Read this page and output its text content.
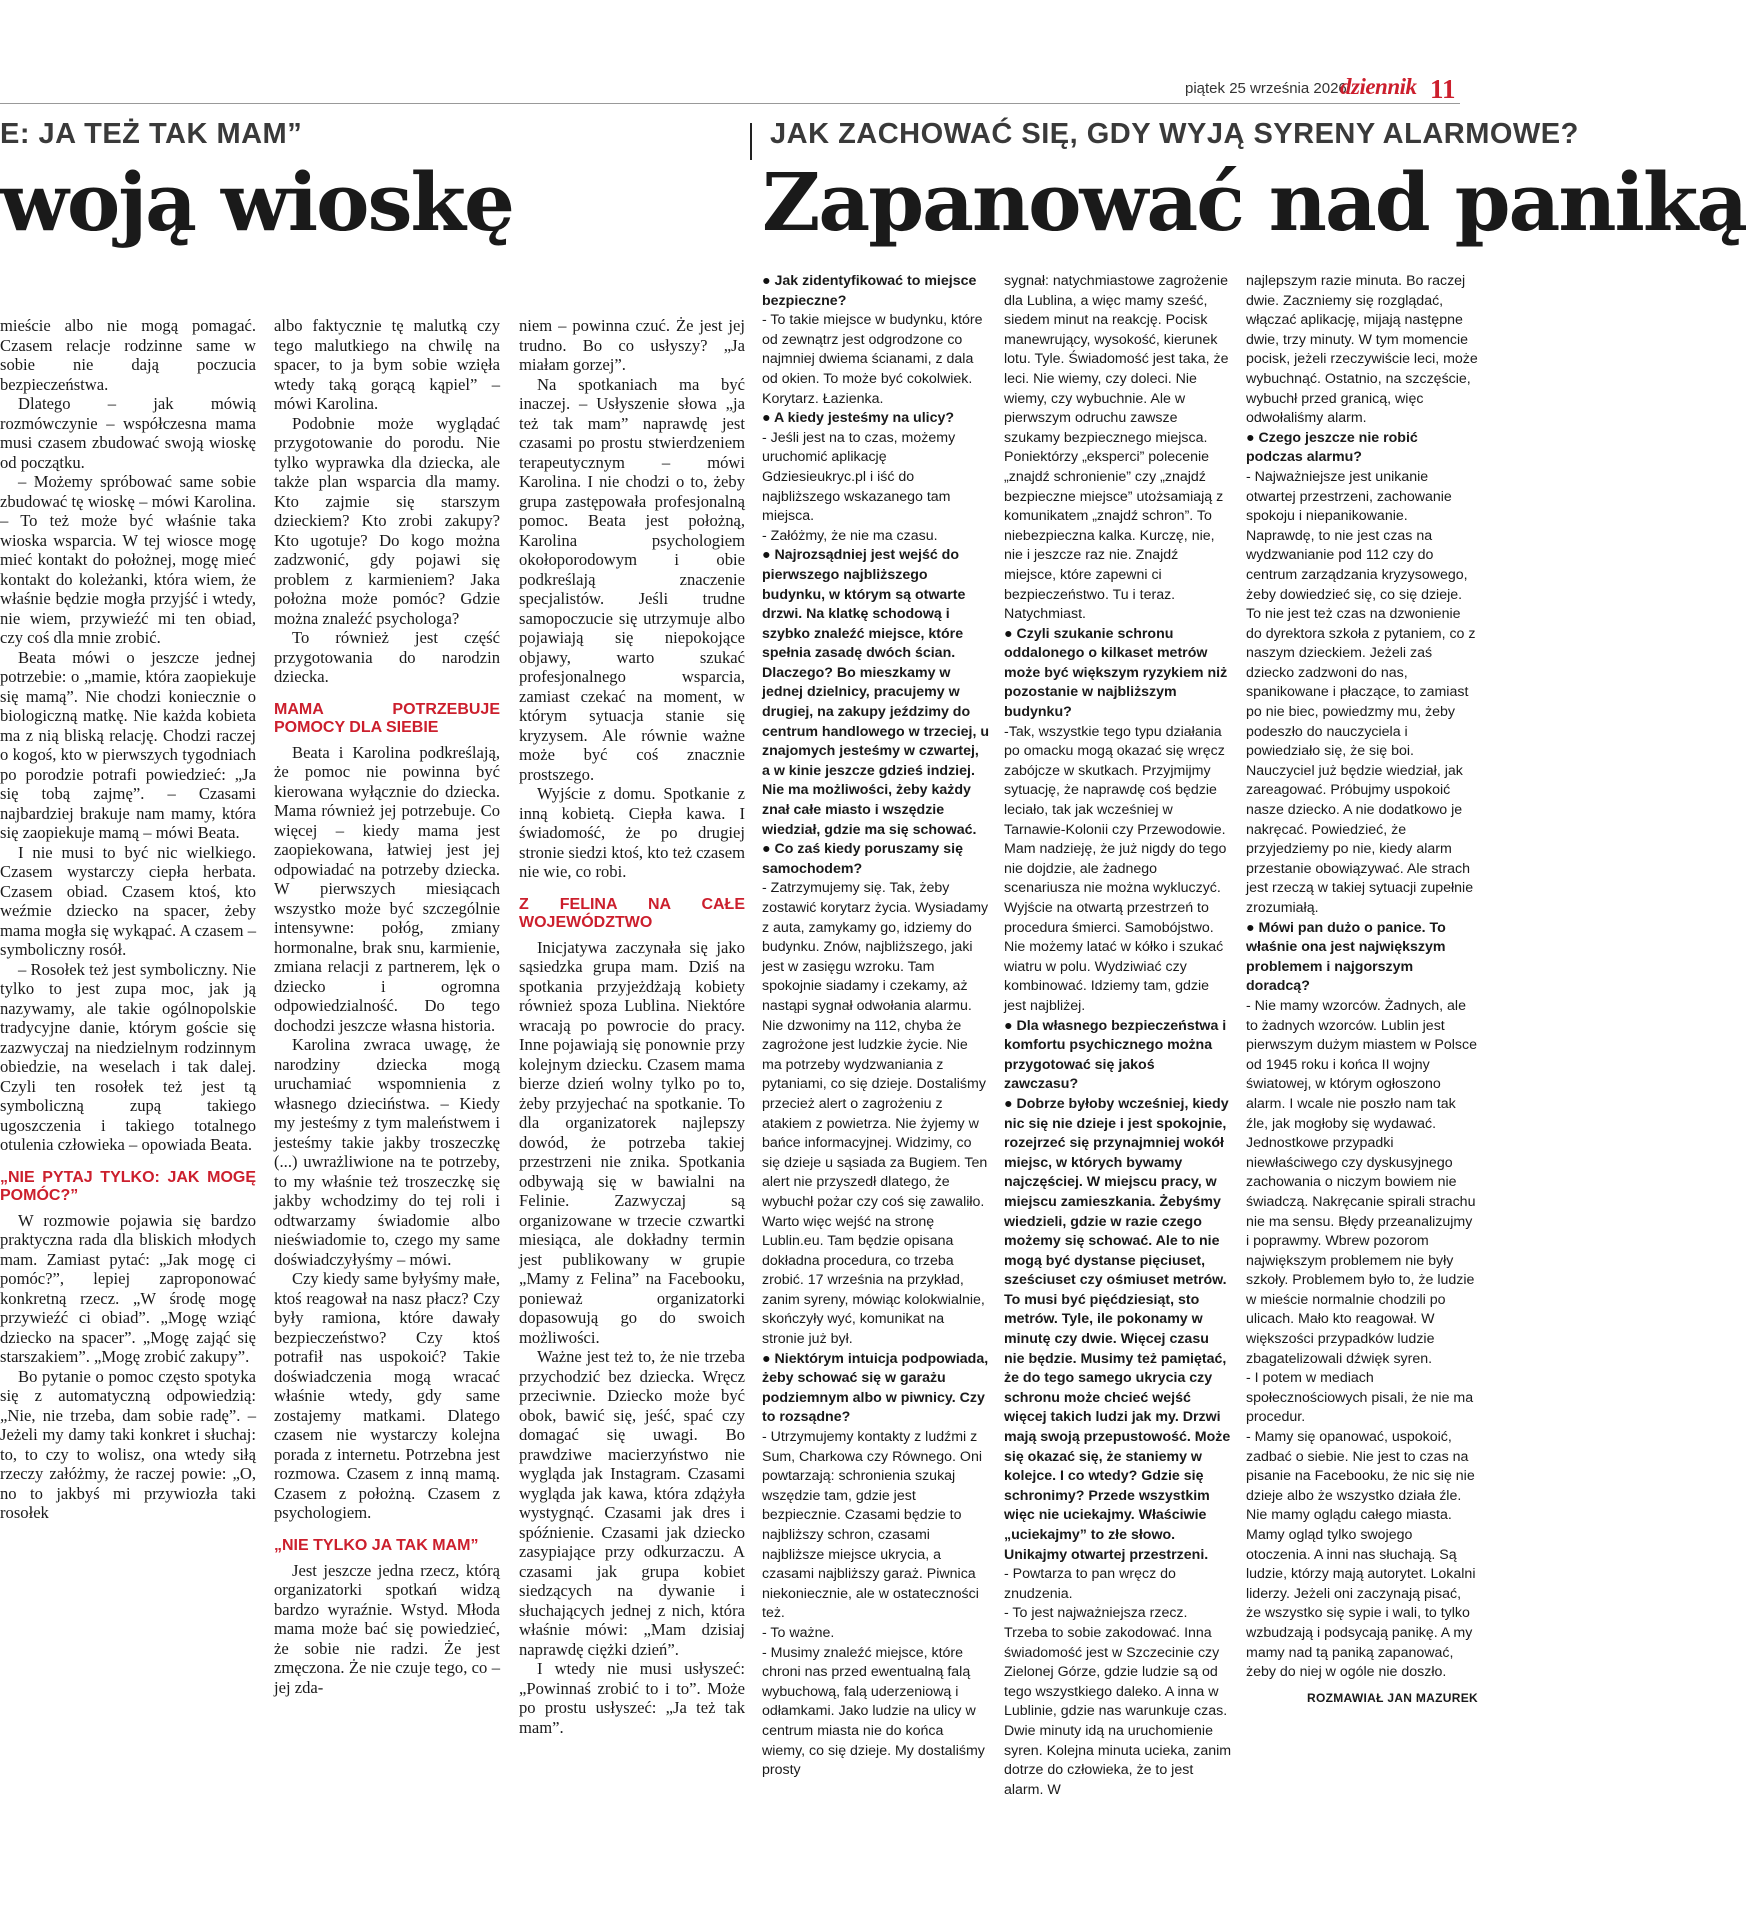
piątek 25 września 2026
dziennik 11
E: JA TEŻ TAK MAM”	JAK ZACHOWAĆ SIĘ, GDY WYJĄ SYRENY ALARMOWE?
woją wioskę	Zapanować nad paniką

mieście albo nie mogą pomagać. Czasem relacje rodzinne same w sobie nie dają poczucia bezpieczeństwa.

Dlatego – jak mówią rozmówczynie – współczesna mama musi czasem zbudować swoją wioskę od początku.

– Możemy spróbować same sobie zbudować tę wioskę – mówi Karolina. – To też może być właśnie taka wioska wsparcia. W tej wiosce mogę mieć kontakt do położnej, mogę mieć kontakt do koleżanki, która wiem, że właśnie będzie mogła przyjść i wtedy, nie wiem, przywieźć mi ten obiad, czy coś dla mnie zrobić.

Beata mówi o jeszcze jednej potrzebie: o „mamie, która zaopiekuje się mamą”. Nie chodzi koniecznie o biologiczną matkę. Nie każda kobieta ma z nią bliską relację. Chodzi raczej o kogoś, kto w pierwszych tygodniach po porodzie potrafi powiedzieć: „Ja się tobą zajmę”. – Czasami najbardziej brakuje nam mamy, która się zaopiekuje mamą – mówi Beata.

I nie musi to być nic wielkiego. Czasem wystarczy ciepła herbata. Czasem obiad. Czasem ktoś, kto weźmie dziecko na spacer, żeby mama mogła się wykąpać. A czasem – symboliczny rosół.

– Rosołek też jest symboliczny. Nie tylko to jest zupa moc, jak ją nazywamy, ale takie ogólnopolskie tradycyjne danie, którym goście się zazwyczaj na niedzielnym rodzinnym obiedzie, na weselach i tak dalej. Czyli ten rosołek też jest tą symboliczną zupą takiego ugoszczenia i takiego totalnego otulenia człowieka – opowiada Beata.

„NIE PYTAJ TYLKO: JAK MOGĘ POMÓC?”

W rozmowie pojawia się bardzo praktyczna rada dla bliskich młodych mam. Zamiast pytać: „Jak mogę ci pomóc?”, lepiej zaproponować konkretną rzecz. „W środę mogę przywieźć ci obiad”. „Mogę wziąć dziecko na spacer”. „Mogę zająć się starszakiem”. „Mogę zrobić zakupy”.

Bo pytanie o pomoc często spotyka się z automatyczną odpowiedzią: „Nie, nie trzeba, dam sobie radę”. – Jeżeli my damy taki konkret i słuchaj: to, to czy to wolisz, ona wtedy siłą rzeczy załóżmy, że raczej powie: „O, no to jakbyś mi przywiozła taki rosołek

albo faktycznie tę malutką czy tego malutkiego na chwilę na spacer, to ja bym sobie wzięła wtedy taką gorącą kąpiel” – mówi Karolina.

Podobnie może wyglądać przygotowanie do porodu. Nie tylko wyprawka dla dziecka, ale także plan wsparcia dla mamy. Kto zajmie się starszym dzieckiem? Kto zrobi zakupy? Kto ugotuje? Do kogo można zadzwonić, gdy pojawi się problem z karmieniem? Jaka położna może pomóc? Gdzie można znaleźć psychologa?

To również jest część przygotowania do narodzin dziecka.

MAMA POTRZEBUJE POMOCY DLA SIEBIE

Beata i Karolina podkreślają, że pomoc nie powinna być kierowana wyłącznie do dziecka. Mama również jej potrzebuje. Co więcej – kiedy mama jest zaopiekowana, łatwiej jest jej odpowiadać na potrzeby dziecka. W pierwszych miesiącach wszystko może być szczególnie intensywne: połóg, zmiany hormonalne, brak snu, karmienie, zmiana relacji z partnerem, lęk o dziecko i ogromna odpowiedzialność. Do tego dochodzi jeszcze własna historia.

Karolina zwraca uwagę, że narodziny dziecka mogą uruchamiać wspomnienia z własnego dzieciństwa. – Kiedy my jesteśmy z tym maleństwem i jesteśmy takie jakby troszeczkę (...) uwrażliwione na te potrzeby, to my właśnie też troszeczkę się jakby wchodzimy do tej roli i odtwarzamy świadomie albo nieświadomie to, czego my same doświadczyłyśmy – mówi.

Czy kiedy same byłyśmy małe, ktoś reagował na nasz płacz? Czy były ramiona, które dawały bezpieczeństwo? Czy ktoś potrafił nas uspokoić? Takie doświadczenia mogą wracać właśnie wtedy, gdy same zostajemy matkami. Dlatego czasem nie wystarczy kolejna porada z internetu. Potrzebna jest rozmowa. Czasem z inną mamą. Czasem z położną. Czasem z psychologiem.

„NIE TYLKO JA TAK MAM”

Jest jeszcze jedna rzecz, którą organizatorki spotkań widzą bardzo wyraźnie. Wstyd. Młoda mama może bać się powiedzieć, że sobie nie radzi. Że jest zmęczona. Że nie czuje tego, co – jej zda-

niem – powinna czuć. Że jest jej trudno. Bo co usłyszy? „Ja miałam gorzej”.

Na spotkaniach ma być inaczej. – Usłyszenie słowa „ja też tak mam” naprawdę jest czasami po prostu stwierdzeniem terapeutycznym – mówi Karolina. I nie chodzi o to, żeby grupa zastępowała profesjonalną pomoc. Beata jest położną, Karolina psychologiem okołoporodowym i obie podkreślają znaczenie specjalistów. Jeśli trudne samopoczucie się utrzymuje albo pojawiają się niepokojące objawy, warto szukać profesjonalnego wsparcia, zamiast czekać na moment, w którym sytuacja stanie się kryzysem. Ale równie ważne może być coś znacznie prostszego.

Wyjście z domu. Spotkanie z inną kobietą. Ciepła kawa. I świadomość, że po drugiej stronie siedzi ktoś, kto też czasem nie wie, co robi.

Z FELINA NA CAŁE WOJEWÓDZTWO

Inicjatywa zaczynała się jako sąsiedzka grupa mam. Dziś na spotkania przyjeżdżają kobiety również spoza Lublina. Niektóre wracają po powrocie do pracy. Inne pojawiają się ponownie przy kolejnym dziecku. Czasem mama bierze dzień wolny tylko po to, żeby przyjechać na spotkanie. To dla organizatorek najlepszy dowód, że potrzeba takiej przestrzeni nie znika. Spotkania odbywają się w bawialni na Felinie. Zazwyczaj są organizowane w trzecie czwartki miesiąca, ale dokładny termin jest publikowany w grupie „Mamy z Felina” na Facebooku, ponieważ organizatorki dopasowują go do swoich możliwości.

Ważne jest też to, że nie trzeba przychodzić bez dziecka. Wręcz przeciwnie. Dziecko może być obok, bawić się, jeść, spać czy domagać się uwagi. Bo prawdziwe macierzyństwo nie wygląda jak Instagram. Czasami wygląda jak kawa, która zdążyła wystygnąć. Czasami jak dres i spóźnienie. Czasami jak dziecko zasypiające przy odkurzaczu. A czasami jak grupa kobiet siedzących na dywanie i słuchających jednej z nich, która właśnie mówi: „Mam dzisiaj naprawdę ciężki dzień”.

I wtedy nie musi usłyszeć: „Powinnaś zrobić to i to”. Może po prostu usłyszeć: „Ja też tak mam”.

● Jak zidentyfikować to miejsce bezpieczne?

- To takie miejsce w budynku, które od zewnątrz jest odgrodzone co najmniej dwiema ścianami, z dala od okien. To może być cokolwiek. Korytarz. Łazienka.

● A kiedy jesteśmy na ulicy?

- Jeśli jest na to czas, możemy uruchomić aplikację Gdziesieukryc.pl i iść do najbliższego wskazanego tam miejsca.

- Załóżmy, że nie ma czasu.

● Najrozsądniej jest wejść do pierwszego najbliższego budynku, w którym są otwarte drzwi. Na klatkę schodową i szybko znaleźć miejsce, które spełnia zasadę dwóch ścian. Dlaczego? Bo mieszkamy w jednej dzielnicy, pracujemy w drugiej, na zakupy jeździmy do centrum handlowego w trzeciej, u znajomych jesteśmy w czwartej, a w kinie jeszcze gdzieś indziej. Nie ma możliwości, żeby każdy znał całe miasto i wszędzie wiedział, gdzie ma się schować.

● Co zaś kiedy poruszamy się samochodem?

- Zatrzymujemy się. Tak, żeby zostawić korytarz życia. Wysiadamy z auta, zamykamy go, idziemy do budynku. Znów, najbliższego, jaki jest w zasięgu wzroku. Tam spokojnie siadamy i czekamy, aż nastąpi sygnał odwołania alarmu. Nie dzwonimy na 112, chyba że zagrożone jest ludzkie życie. Nie ma potrzeby wydzwaniania z pytaniami, co się dzieje. Dostaliśmy przecież alert o zagrożeniu z atakiem z powietrza. Nie żyjemy w bańce informacyjnej. Widzimy, co się dzieje u sąsiada za Bugiem. Ten alert nie przyszedł dlatego, że wybuchł pożar czy coś się zawaliło. Warto więc wejść na stronę Lublin.eu. Tam będzie opisana dokładna procedura, co trzeba zrobić. 17 września na przykład, zanim syreny, mówiąc kolokwialnie, skończyły wyć, komunikat na stronie już był.

● Niektórym intuicja podpowiada, żeby schować się w garażu podziemnym albo w piwnicy. Czy to rozsądne?

- Utrzymujemy kontakty z ludźmi z Sum, Charkowa czy Równego. Oni powtarzają: schronienia szukaj wszędzie tam, gdzie jest bezpiecznie. Czasami będzie to najbliższy schron, czasami najbliższe miejsce ukrycia, a czasami najbliższy garaż. Piwnica niekoniecznie, ale w ostateczności też.

- To ważne.

- Musimy znaleźć miejsce, które chroni nas przed ewentualną falą wybuchową, falą uderzeniową i odłamkami. Jako ludzie na ulicy w centrum miasta nie do końca wiemy, co się dzieje. My dostaliśmy prosty

sygnał: natychmiastowe zagrożenie dla Lublina, a więc mamy sześć, siedem minut na reakcję. Pocisk manewrujący, wysokość, kierunek lotu. Tyle. Świadomość jest taka, że leci. Nie wiemy, czy doleci. Nie wiemy, czy wybuchnie. Ale w pierwszym odruchu zawsze szukamy bezpiecznego miejsca. Poniektórzy „eksperci” polecenie „znajdź schronienie” czy „znajdź bezpieczne miejsce” utożsamiają z komunikatem „znajdź schron”. To niebezpieczna kalka. Kurczę, nie, nie i jeszcze raz nie. Znajdź miejsce, które zapewni ci bezpieczeństwo. Tu i teraz. Natychmiast.

● Czyli szukanie schronu oddalonego o kilkaset metrów może być większym ryzykiem niż pozostanie w najbliższym budynku?

-Tak, wszystkie tego typu działania po omacku mogą okazać się wręcz zabójcze w skutkach. Przyjmijmy sytuację, że naprawdę coś będzie leciało, tak jak wcześniej w Tarnawie-Kolonii czy Przewodowie. Mam nadzieję, że już nigdy do tego nie dojdzie, ale żadnego scenariusza nie można wykluczyć. Wyjście na otwartą przestrzeń to procedura śmierci. Samobójstwo. Nie możemy latać w kółko i szukać wiatru w polu. Wydziwiać czy kombinować. Idziemy tam, gdzie jest najbliżej.

● Dla własnego bezpieczeństwa i komfortu psychicznego można przygotować się jakoś zawczasu?

● Dobrze byłoby wcześniej, kiedy nic się nie dzieje i jest spokojnie, rozejrzeć się przynajmniej wokół miejsc, w których bywamy najczęściej. W miejscu pracy, w miejscu zamieszkania. Żebyśmy wiedzieli, gdzie w razie czego możemy się schować. Ale to nie mogą być dystanse pięciuset, sześciuset czy ośmiuset metrów. To musi być pięćdziesiąt, sto metrów. Tyle, ile pokonamy w minutę czy dwie. Więcej czasu nie będzie. Musimy też pamiętać, że do tego samego ukrycia czy schronu może chcieć wejść więcej takich ludzi jak my. Drzwi mają swoją przepustowość. Może się okazać się, że staniemy w kolejce. I co wtedy? Gdzie się schronimy? Przede wszystkim więc nie uciekajmy. Właściwie „uciekajmy” to złe słowo. Unikajmy otwartej przestrzeni.

- Powtarza to pan wręcz do znudzenia.

- To jest najważniejsza rzecz. Trzeba to sobie zakodować. Inna świadomość jest w Szczecinie czy Zielonej Górze, gdzie ludzie są od tego wszystkiego daleko. A inna w Lublinie, gdzie nas warunkuje czas. Dwie minuty idą na uruchomienie syren. Kolejna minuta ucieka, zanim dotrze do człowieka, że to jest alarm. W

najlepszym razie minuta. Bo raczej dwie. Zaczniemy się rozglądać, włączać aplikację, mijają następne dwie, trzy minuty. W tym momencie pocisk, jeżeli rzeczywiście leci, może wybuchnąć. Ostatnio, na szczęście, wybuchł przed granicą, więc odwołaliśmy alarm.

● Czego jeszcze nie robić podczas alarmu?

- Najważniejsze jest unikanie otwartej przestrzeni, zachowanie spokoju i niepanikowanie. Naprawdę, to nie jest czas na wydzwanianie pod 112 czy do centrum zarządzania kryzysowego, żeby dowiedzieć się, co się dzieje. To nie jest też czas na dzwonienie do dyrektora szkoła z pytaniem, co z naszym dzieckiem. Jeżeli zaś dziecko zadzwoni do nas, spanikowane i płaczące, to zamiast po nie biec, powiedzmy mu, żeby podeszło do nauczyciela i powiedziało się, że się boi. Nauczyciel już będzie wiedział, jak zareagować. Próbujmy uspokoić nasze dziecko. A nie dodatkowo je nakręcać. Powiedzieć, że przyjedziemy po nie, kiedy alarm przestanie obowiązywać. Ale strach jest rzeczą w takiej sytuacji zupełnie zrozumiałą.

● Mówi pan dużo o panice. To właśnie ona jest największym problemem i najgorszym doradcą?

- Nie mamy wzorców. Żadnych, ale to żadnych wzorców. Lublin jest pierwszym dużym miastem w Polsce od 1945 roku i końca II wojny światowej, w którym ogłoszono alarm. I wcale nie poszło nam tak źle, jak mogłoby się wydawać. Jednostkowe przypadki niewłaściwego czy dyskusyjnego zachowania o niczym bowiem nie świadczą. Nakręcanie spirali strachu nie ma sensu. Błędy przeanalizujmy i poprawmy. Wbrew pozorom największym problemem nie były szkoły. Problemem było to, że ludzie w mieście normalnie chodzili po ulicach. Mało kto reagował. W większości przypadków ludzie zbagatelizowali dźwięk syren.

- I potem w mediach społecznościowych pisali, że nie ma procedur.

- Mamy się opanować, uspokoić, zadbać o siebie. Nie jest to czas na pisanie na Facebooku, że nic się nie dzieje albo że wszystko działa źle. Nie mamy oglądu całego miasta. Mamy ogląd tylko swojego otoczenia. A inni nas słuchają. Są ludzie, którzy mają autorytet. Lokalni liderzy. Jeżeli oni zaczynają pisać, że wszystko się sypie i wali, to tylko wzbudzają i podsycają panikę. A my mamy nad tą paniką zapanować, żeby do niej w ogóle nie doszło.

ROZMAWIAŁ JAN MAZUREK
